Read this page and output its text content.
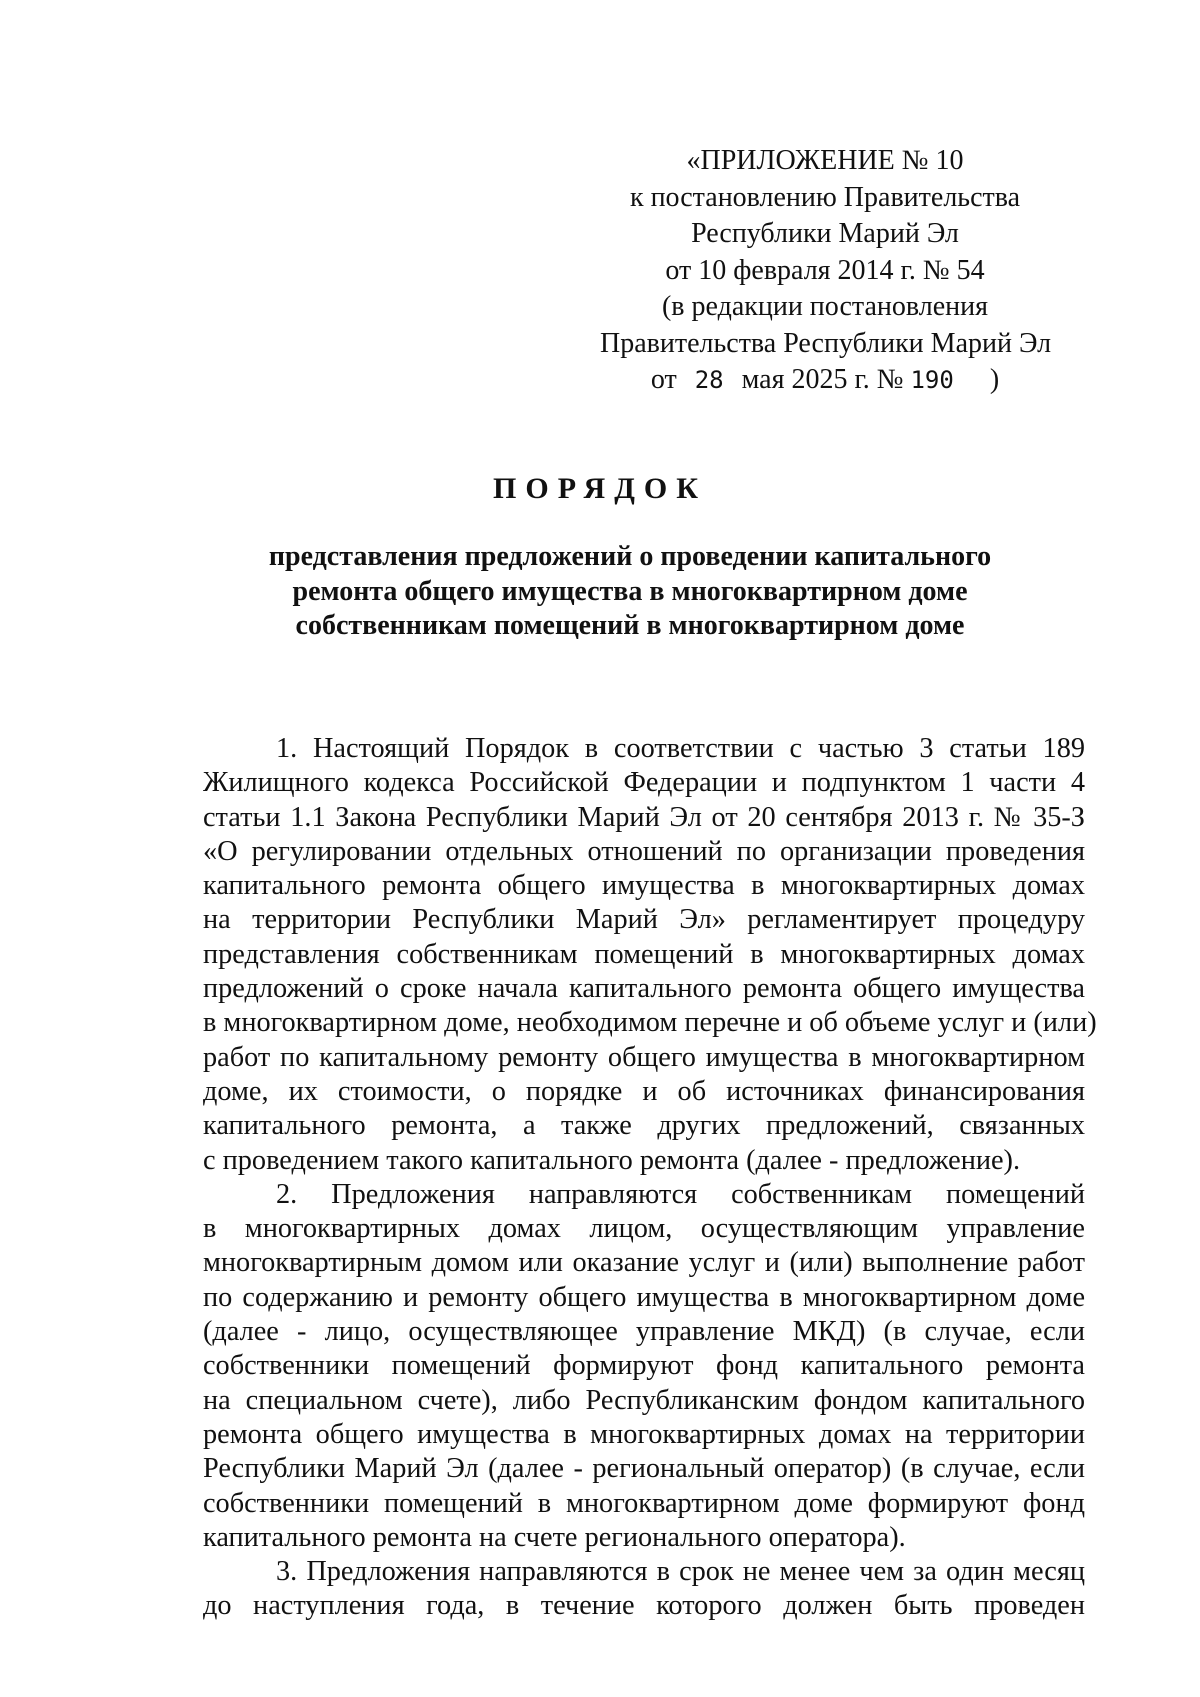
«ПРИЛОЖЕНИЕ № 10
к постановлению Правительства
Республики Марий Эл
от 10 февраля 2014 г. № 54
(в редакции постановления
Правительства Республики Марий Эл
от 28 мая 2025 г. № 190 )
ПОРЯДОК
представления предложений о проведении капитального
ремонта общего имущества в многоквартирном доме
собственникам помещений в многоквартирном доме
1. Настоящий Порядок в соответствии с частью 3 статьи 189
Жилищного кодекса Российской Федерации и подпунктом 1 части 4
статьи 1.1 Закона Республики Марий Эл от 20 сентября 2013 г. № 35-З
«О регулировании отдельных отношений по организации проведения
капитального ремонта общего имущества в многоквартирных домах
на территории Республики Марий Эл» регламентирует процедуру
представления собственникам помещений в многоквартирных домах
предложений о сроке начала капитального ремонта общего имущества
в многоквартирном доме, необходимом перечне и об объеме услуг и (или)
работ по капитальному ремонту общего имущества в многоквартирном
доме, их стоимости, о порядке и об источниках финансирования
капитального ремонта, а также других предложений, связанных
с проведением такого капитального ремонта (далее - предложение).
2. Предложения направляются собственникам помещений
в многоквартирных домах лицом, осуществляющим управление
многоквартирным домом или оказание услуг и (или) выполнение работ
по содержанию и ремонту общего имущества в многоквартирном доме
(далее - лицо, осуществляющее управление МКД) (в случае, если
собственники помещений формируют фонд капитального ремонта
на специальном счете), либо Республиканским фондом капитального
ремонта общего имущества в многоквартирных домах на территории
Республики Марий Эл (далее - региональный оператор) (в случае, если
собственники помещений в многоквартирном доме формируют фонд
капитального ремонта на счете регионального оператора).
3. Предложения направляются в срок не менее чем за один месяц
до наступления года, в течение которого должен быть проведен
